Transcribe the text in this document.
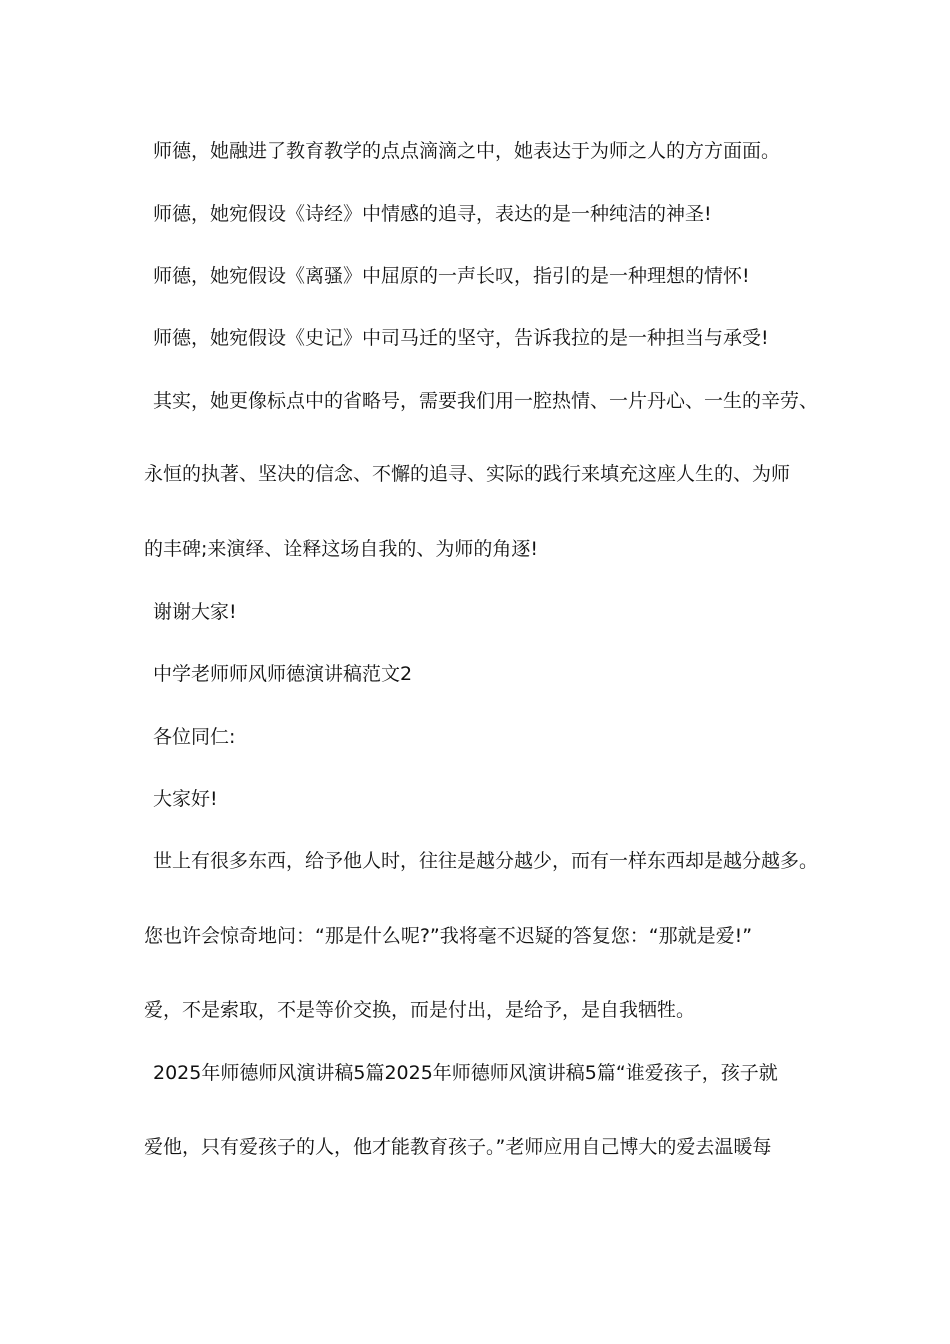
师德，她融进了教育教学的点点滴滴之中，她表达于为师之人的方方面面。
师德，她宛假设《诗经》中情感的追寻，表达的是一种纯洁的神圣!
师德，她宛假设《离骚》中屈原的一声长叹，指引的是一种理想的情怀!
师德，她宛假设《史记》中司马迁的坚守，告诉我拉的是一种担当与承受!
其实，她更像标点中的省略号，需要我们用一腔热情、一片丹心、一生的辛劳、
永恒的执著、坚决的信念、不懈的追寻、实际的践行来填充这座人生的、为师
的丰碑;来演绎、诠释这场自我的、为师的角逐!
谢谢大家!
中学老师师风师德演讲稿范文2
各位同仁:
大家好!
世上有很多东西，给予他人时，往往是越分越少，而有一样东西却是越分越多。
您也许会惊奇地问：“那是什么呢?”我将毫不迟疑的答复您：“那就是爱!”
爱，不是索取，不是等价交换，而是付出，是给予，是自我牺牲。
2025年师德师风演讲稿5篇2025年师德师风演讲稿5篇“谁爱孩子，孩子就
爱他，只有爱孩子的人，他才能教育孩子。”老师应用自己博大的爱去温暖每
